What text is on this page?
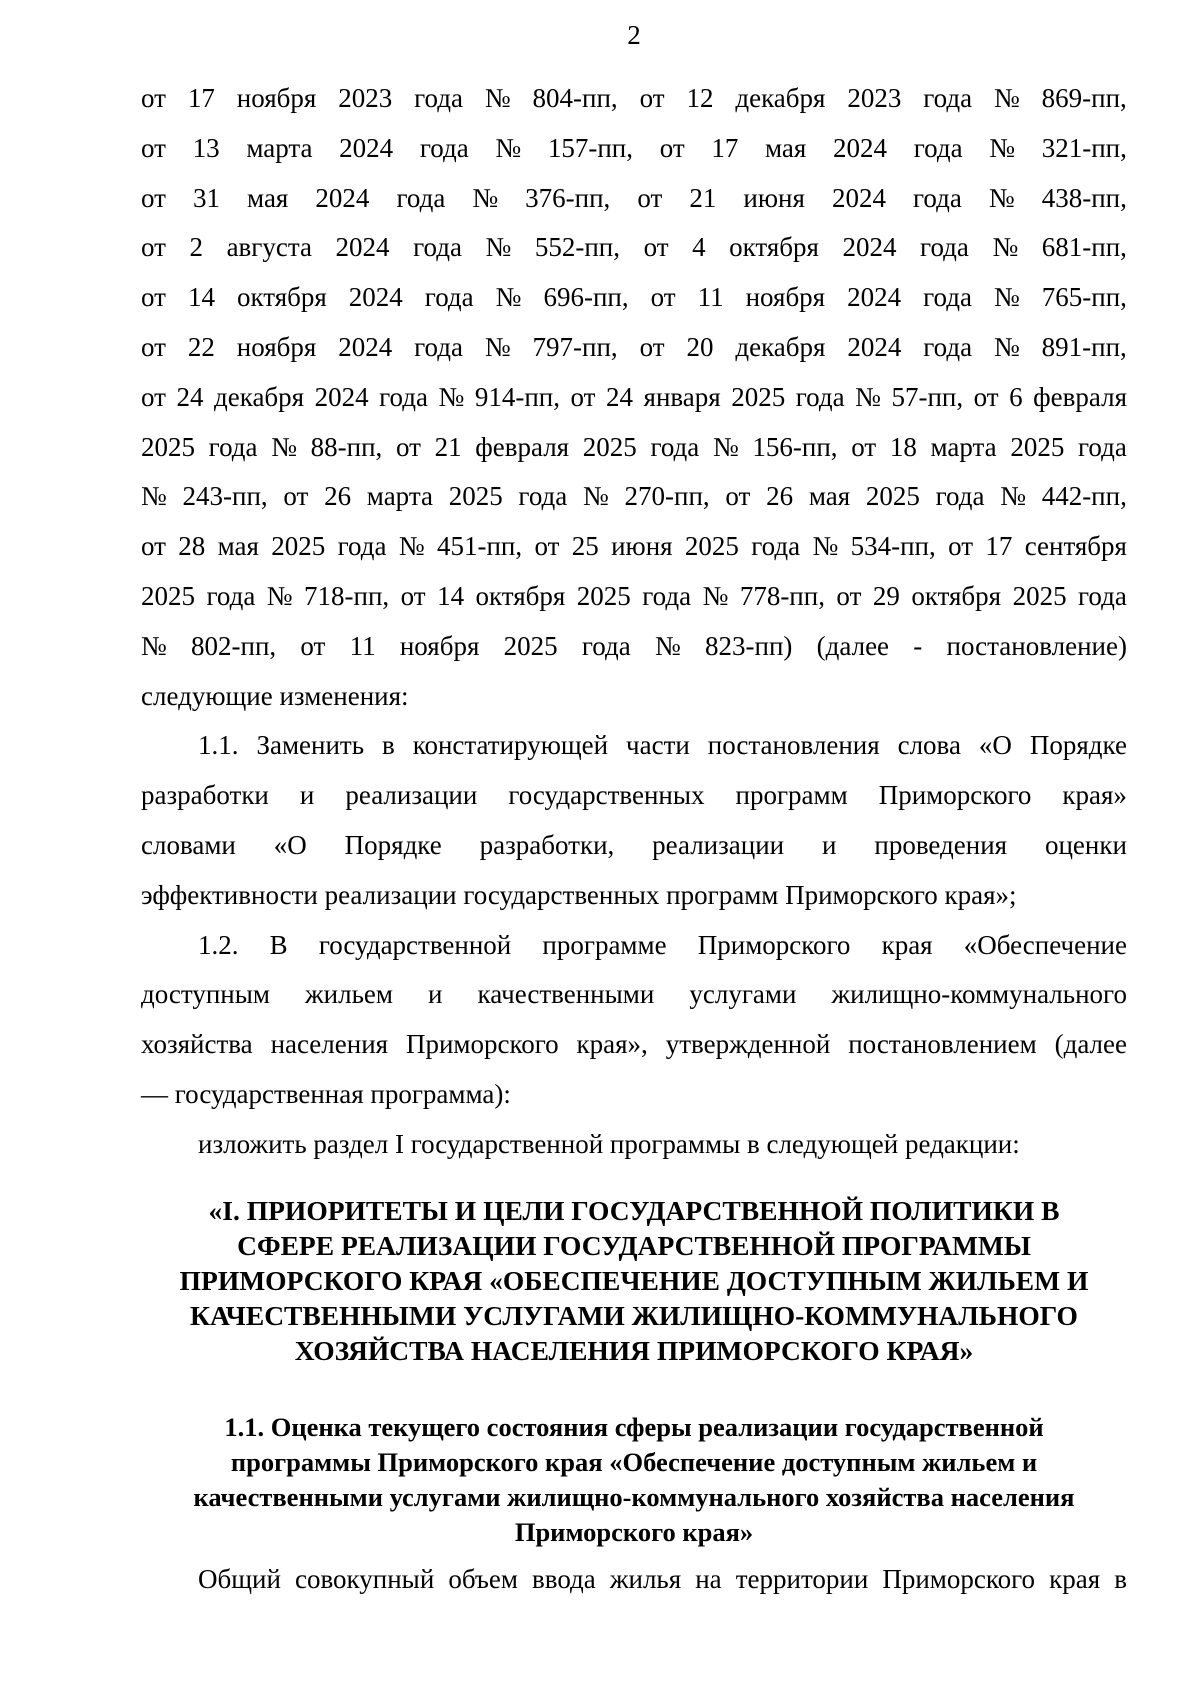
2
от 17 ноября 2023 года № 804-пп, от 12 декабря 2023 года № 869-пп,
от 13 марта 2024 года № 157-пп, от 17 мая 2024 года № 321-пп,
от 31 мая 2024 года № 376-пп, от 21 июня 2024 года № 438-пп,
от 2 августа 2024 года № 552-пп, от 4 октября 2024 года № 681-пп,
от 14 октября 2024 года № 696-пп, от 11 ноября 2024 года № 765-пп,
от 22 ноября 2024 года № 797-пп, от 20 декабря 2024 года № 891-пп,
от 24 декабря 2024 года № 914-пп, от 24 января 2025 года № 57-пп, от 6 февраля
2025 года № 88-пп, от 21 февраля 2025 года № 156-пп, от 18 марта 2025 года
№ 243-пп, от 26 марта 2025 года № 270-пп, от 26 мая 2025 года № 442-пп,
от 28 мая 2025 года № 451-пп, от 25 июня 2025 года № 534-пп, от 17 сентября
2025 года № 718-пп, от 14 октября 2025 года № 778-пп, от 29 октября 2025 года
№ 802-пп, от 11 ноября 2025 года № 823-пп) (далее - постановление)
следующие изменения:
1.1. Заменить в констатирующей части постановления слова «О Порядке
разработки и реализации государственных программ Приморского края»
словами «О Порядке разработки, реализации и проведения оценки
эффективности реализации государственных программ Приморского края»;
1.2. В государственной программе Приморского края «Обеспечение
доступным жильем и качественными услугами жилищно-коммунального
хозяйства населения Приморского края», утвержденной постановлением (далее
— государственная программа):
изложить раздел I государственной программы в следующей редакции:
«I. ПРИОРИТЕТЫ И ЦЕЛИ ГОСУДАРСТВЕННОЙ ПОЛИТИКИ В
СФЕРЕ РЕАЛИЗАЦИИ ГОСУДАРСТВЕННОЙ ПРОГРАММЫ
ПРИМОРСКОГО КРАЯ «ОБЕСПЕЧЕНИЕ ДОСТУПНЫМ ЖИЛЬЕМ И
КАЧЕСТВЕННЫМИ УСЛУГАМИ ЖИЛИЩНО-КОММУНАЛЬНОГО
ХОЗЯЙСТВА НАСЕЛЕНИЯ ПРИМОРСКОГО КРАЯ»
1.1. Оценка текущего состояния сферы реализации государственной
программы Приморского края «Обеспечение доступным жильем и
качественными услугами жилищно-коммунального хозяйства населения
Приморского края»
Общий совокупный объем ввода жилья на территории Приморского края в
